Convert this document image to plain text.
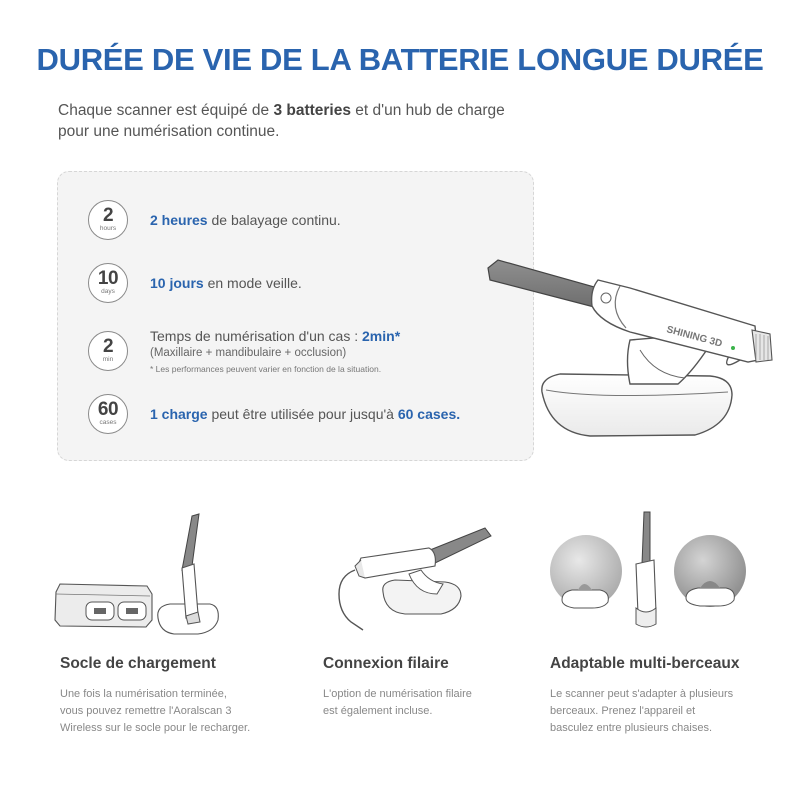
DURÉE DE VIE DE LA BATTERIE LONGUE DURÉE

Chaque scanner est équipé de 3 batteries et d'un hub de charge
pour une numérisation continue.

2
hours
2 heures de balayage continu.
10
days
10 jours en mode veille.
2
min
Temps de numérisation d'un cas : 2min*
(Maxillaire + mandibulaire + occlusion)
* Les performances peuvent varier en fonction de la situation.
60
cases
1 charge peut être utilisée pour jusqu'à 60 cases.
SHINING 3D
Socle de chargement
Une fois la numérisation terminée,
vous pouvez remettre l'Aoralscan 3
Wireless sur le socle pour le recharger.
Connexion filaire
L'option de numérisation filaire
est également incluse.
Adaptable multi-berceaux
Le scanner peut s'adapter à plusieurs
berceaux. Prenez l'appareil et
basculez entre plusieurs chaises.
